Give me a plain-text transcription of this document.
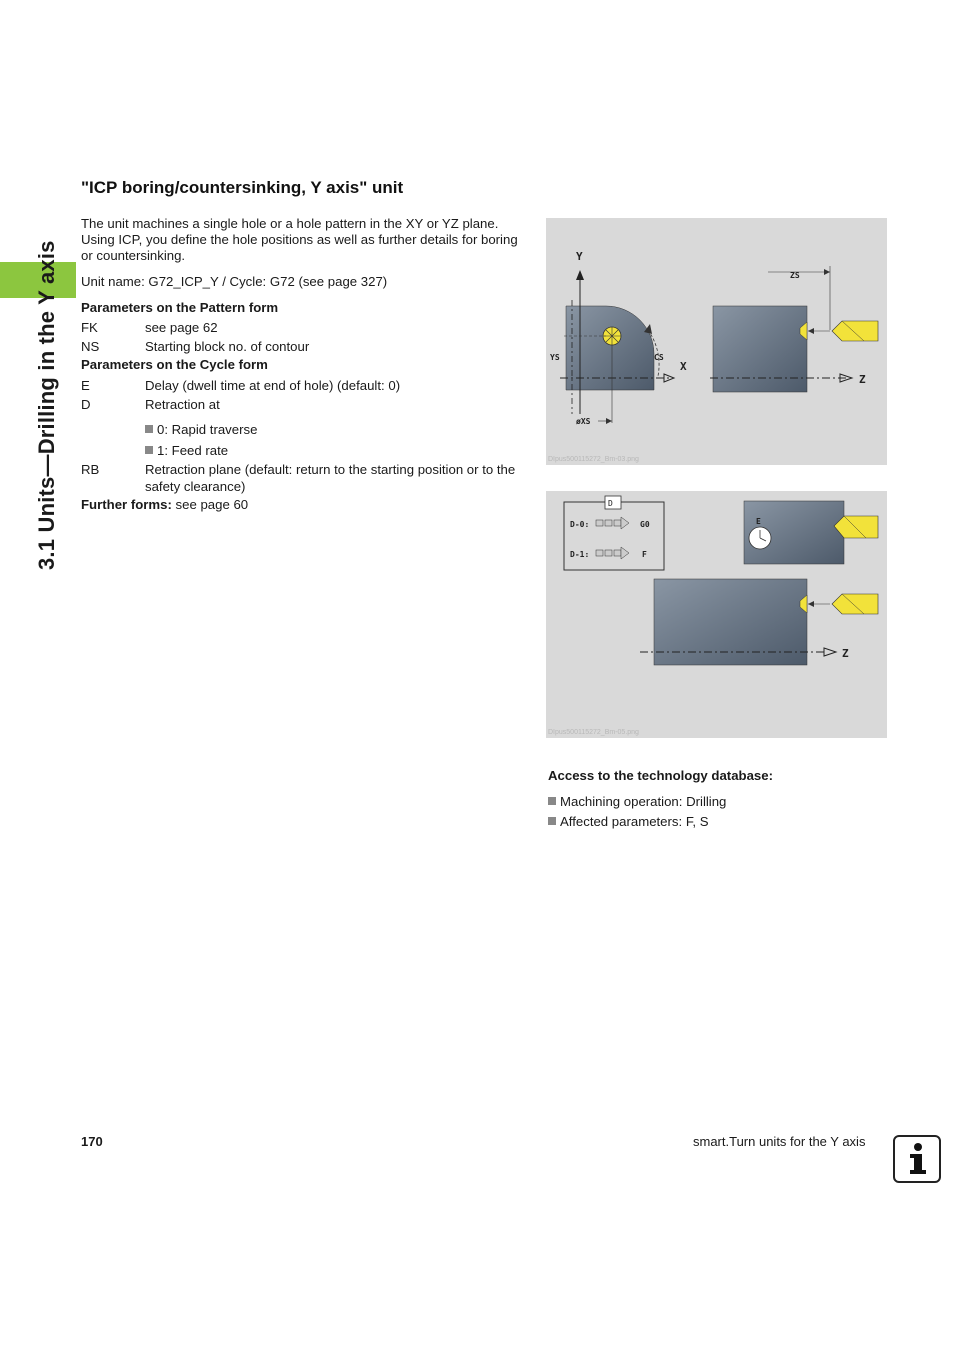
3.1 Units—Drilling in the Y axis
"ICP boring/countersinking, Y axis" unit
The unit machines a single hole or a hole pattern in the XY or YZ plane. Using ICP, you define the hole positions as well as further details for boring or countersinking.
Unit name: G72_ICP_Y / Cycle: G72 (see page 327)
Parameters on the Pattern form
FK	see page 62
NS	Starting block no. of contour
Parameters on the Cycle form
E	Delay (dwell time at end of hole) (default: 0)
D	Retraction at
0: Rapid traverse
1: Feed rate
RB	Retraction plane (default: return to the starting position or to the safety clearance)
Further forms: see page 60
Y
YS	CS
X
øXS
ZS
Z
DIpus500115272_Bm-03.png
D
D-0:	G0
D-1:	F
E
Z
DIpus500115272_Bm-05.png
Access to the technology database:
Machining operation: Drilling
Affected parameters: F, S
170	smart.Turn units for the Y axis
